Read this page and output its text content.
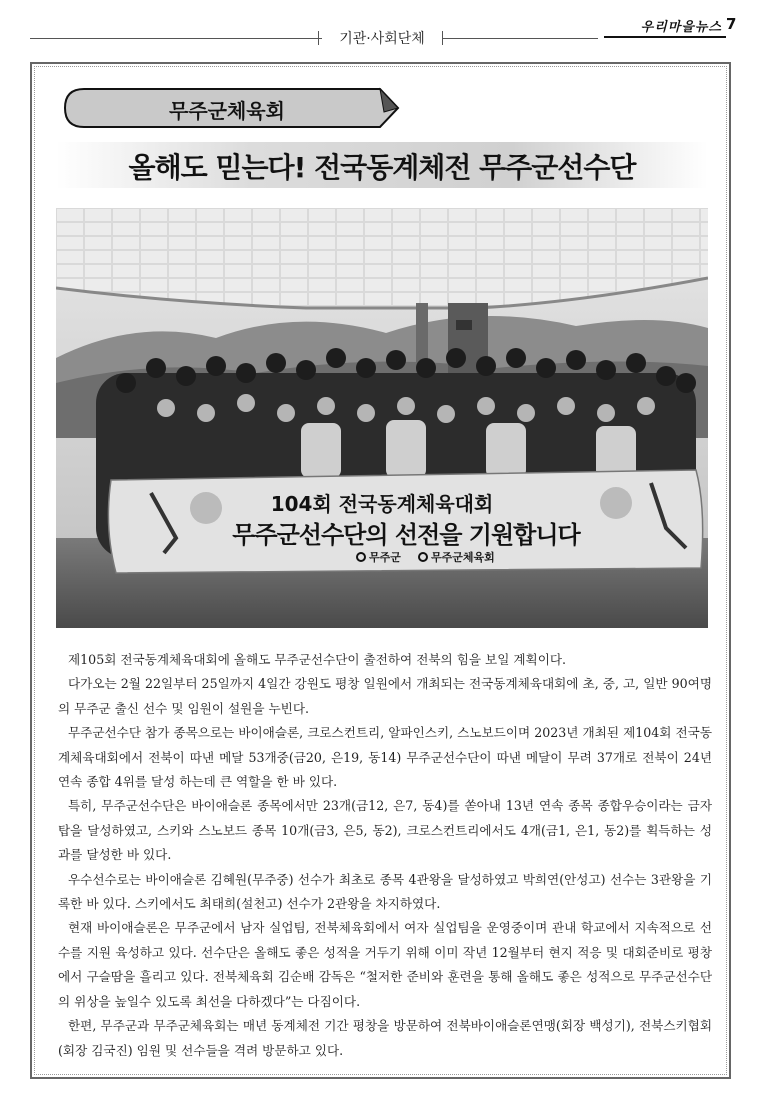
기관·사회단체
우리마을뉴스 7
무주군체육회
올해도 믿는다! 전국동계체전 무주군선수단
104회 전국동계체육대회
무주군선수단의 선전을 기원합니다
무주군	무주군체육회

제105회 전국동계체육대회에 올해도 무주군선수단이 출전하여 전북의 힘을 보일 계획이다.

다가오는 2월 22일부터 25일까지 4일간 강원도 평창 일원에서 개최되는 전국동계체육대회에 초, 중, 고, 일반 90여명의 무주군 출신 선수 및 임원이 설원을 누빈다.

무주군선수단 참가 종목으로는 바이애슬론, 크로스컨트리, 알파인스키, 스노보드이며 2023년 개최된 제104회 전국동계체육대회에서 전북이 따낸 메달 53개중(금20, 은19, 동14) 무주군선수단이 따낸 메달이 무려 37개로 전북이 24년 연속 종합 4위를 달성 하는데 큰 역할을 한 바 있다.

특히, 무주군선수단은 바이애슬론 종목에서만 23개(금12, 은7, 동4)를 쏟아내 13년 연속 종목 종합우승이라는 금자탑을 달성하였고, 스키와 스노보드 종목 10개(금3, 은5, 동2), 크로스컨트리에서도 4개(금1, 은1, 동2)를 획득하는 성과를 달성한 바 있다.

우수선수로는 바이애슬론 김혜원(무주중) 선수가 최초로 종목 4관왕을 달성하였고 박희연(안성고) 선수는 3관왕을 기록한 바 있다. 스키에서도 최태희(설천고) 선수가 2관왕을 차지하였다.

현재 바이애슬론은 무주군에서 남자 실업팀, 전북체육회에서 여자 실업팀을 운영중이며 관내 학교에서 지속적으로 선수를 지원 육성하고 있다. 선수단은 올해도 좋은 성적을 거두기 위해 이미 작년 12월부터 현지 적응 및 대회준비로 평창에서 구슬땀을 흘리고 있다. 전북체육회 김순배 감독은 “철저한 준비와 훈련을 통해 올해도 좋은 성적으로 무주군선수단의 위상을 높일수 있도록 최선을 다하겠다”는 다짐이다.

한편, 무주군과 무주군체육회는 매년 동계체전 기간 평창을 방문하여 전북바이애슬론연맹(회장 백성기), 전북스키협회(회장 김국진) 임원 및 선수들을 격려 방문하고 있다.
